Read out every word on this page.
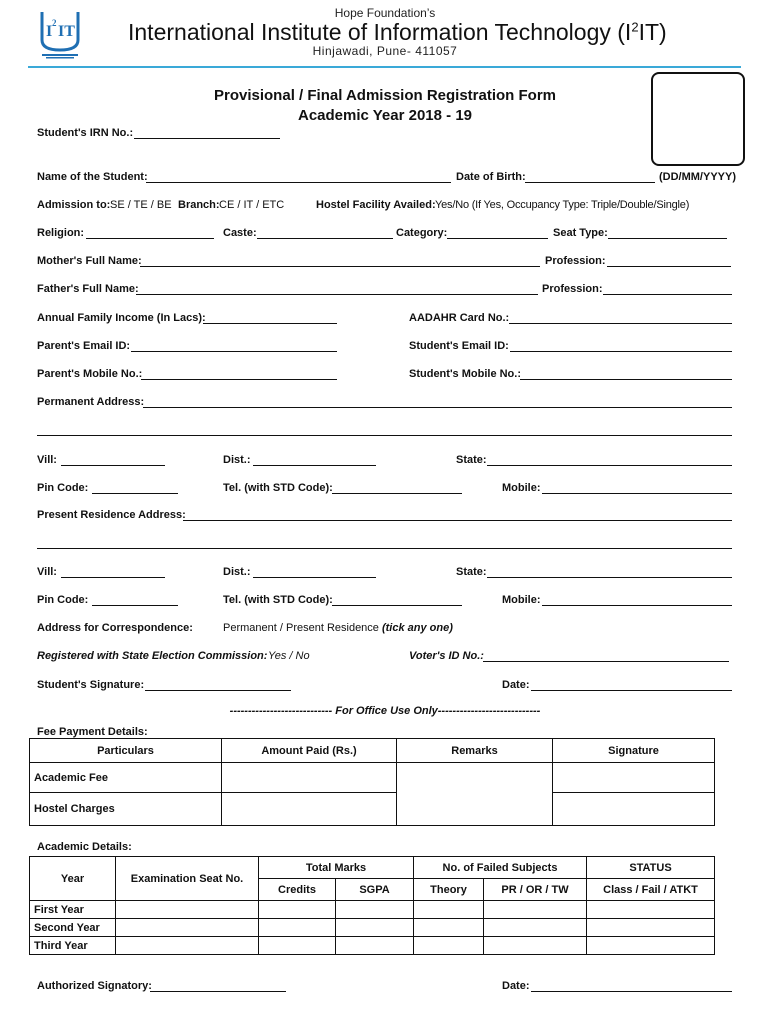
I 2 IT
Hope Foundation’s
International Institute of Information Technology $(I^2IT)$
Hinjawadi, Pune- 411057
Provisional / Final Admission Registration Form
Academic Year 2018 - 19
Student's IRN No.:
Name of the Student:	Date of Birth:	(DD/MM/YYYY)
Admission to: SE / TE / BE Branch: CE / IT / ETC	Hostel Facility Availed: Yes/No (If Yes, Occupancy Type: Triple/Double/Single)
Religion:	Caste:	Category:	Seat Type:
Mother's Full Name:	Profession:
Father's Full Name:	Profession:
Annual Family Income (In Lacs):	AADAHR Card No.:
Parent's Email ID:	Student's Email ID:
Parent's Mobile No.:	Student's Mobile No.:
Permanent Address:
Vill:	Dist.:	State:
Pin Code:	Tel. (with STD Code):	Mobile:
Present Residence Address:
Vill:	Dist.:	State:
Pin Code:	Tel. (with STD Code):	Mobile:
Address for Correspondence:	Permanent / Present Residence (tick any one)
Registered with State Election Commission: Yes / No	Voter's ID No.:
Student's Signature:	Date:
---------------------------- For Office Use Only----------------------------
Fee Payment Details:
Particulars	Amount Paid (Rs.)	Remarks	Signature
Academic Fee			
Hostel Charges			
Academic Details:
Year	Examination Seat No.	Total Marks		No. of Failed Subjects		STATUS
		Credits	SGPA	Theory	PR / OR / TW	Class / Fail / ATKT
First Year						
Second Year						
Third Year						
Authorized Signatory:	Date:
